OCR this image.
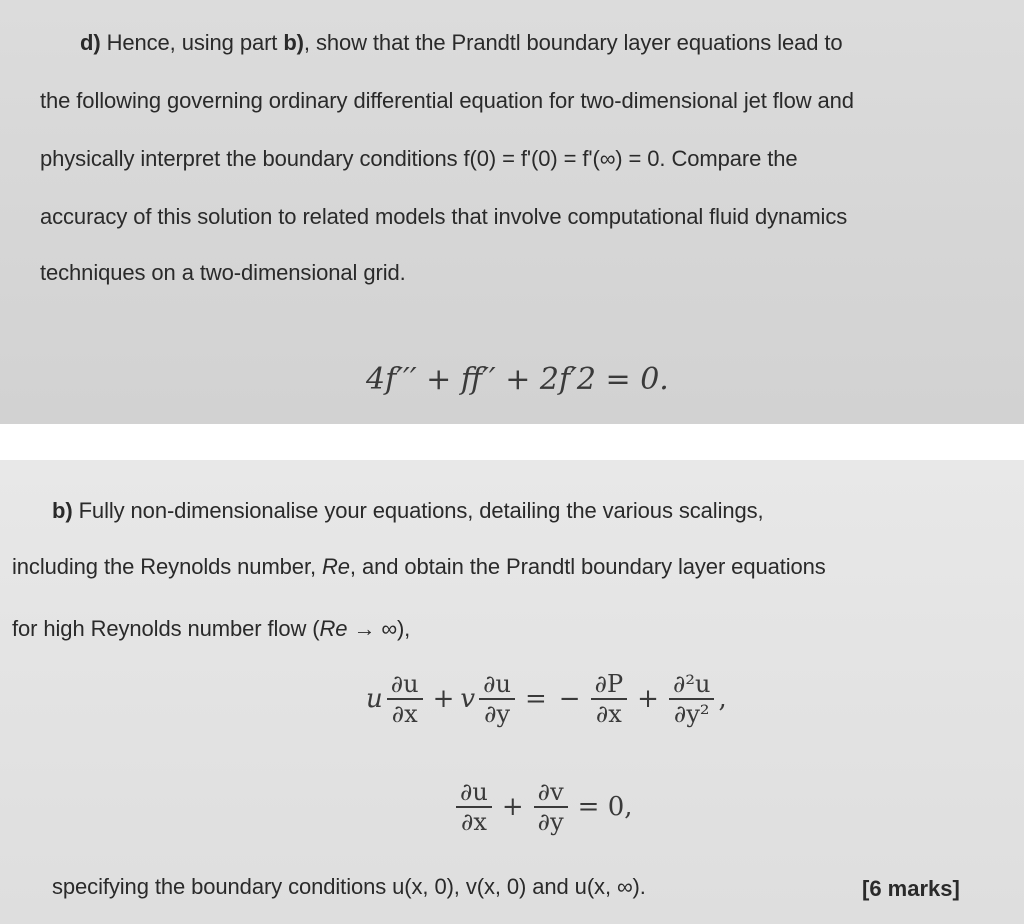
d) Hence, using part b), show that the Prandtl boundary layer equations lead to
the following governing ordinary differential equation for two-dimensional jet flow and
physically interpret the boundary conditions f(0) = f'(0) = f'(∞) = 0. Compare the
accuracy of this solution to related models that involve computational fluid dynamics
techniques on a two-dimensional grid.
4f′′′ + ff′′ + 2f′2 = 0.
b) Fully non-dimensionalise your equations, detailing the various scalings,
including the Reynolds number, Re, and obtain the Prandtl boundary layer equations
for high Reynolds number flow (Re → ∞),
u $\frac{\partial u}{\partial x} + v \frac{\partial u}{\partial y}$ = − $\frac{\partial P}{\partial x} + \frac{\text{∂²u}}{\text{∂y²}}$ ,
$\frac{\partial u}{\partial x} + \frac{\partial v}{\partial y} = 0$,
specifying the boundary conditions u(x, 0), v(x, 0) and u(x, ∞).	[6 marks]
